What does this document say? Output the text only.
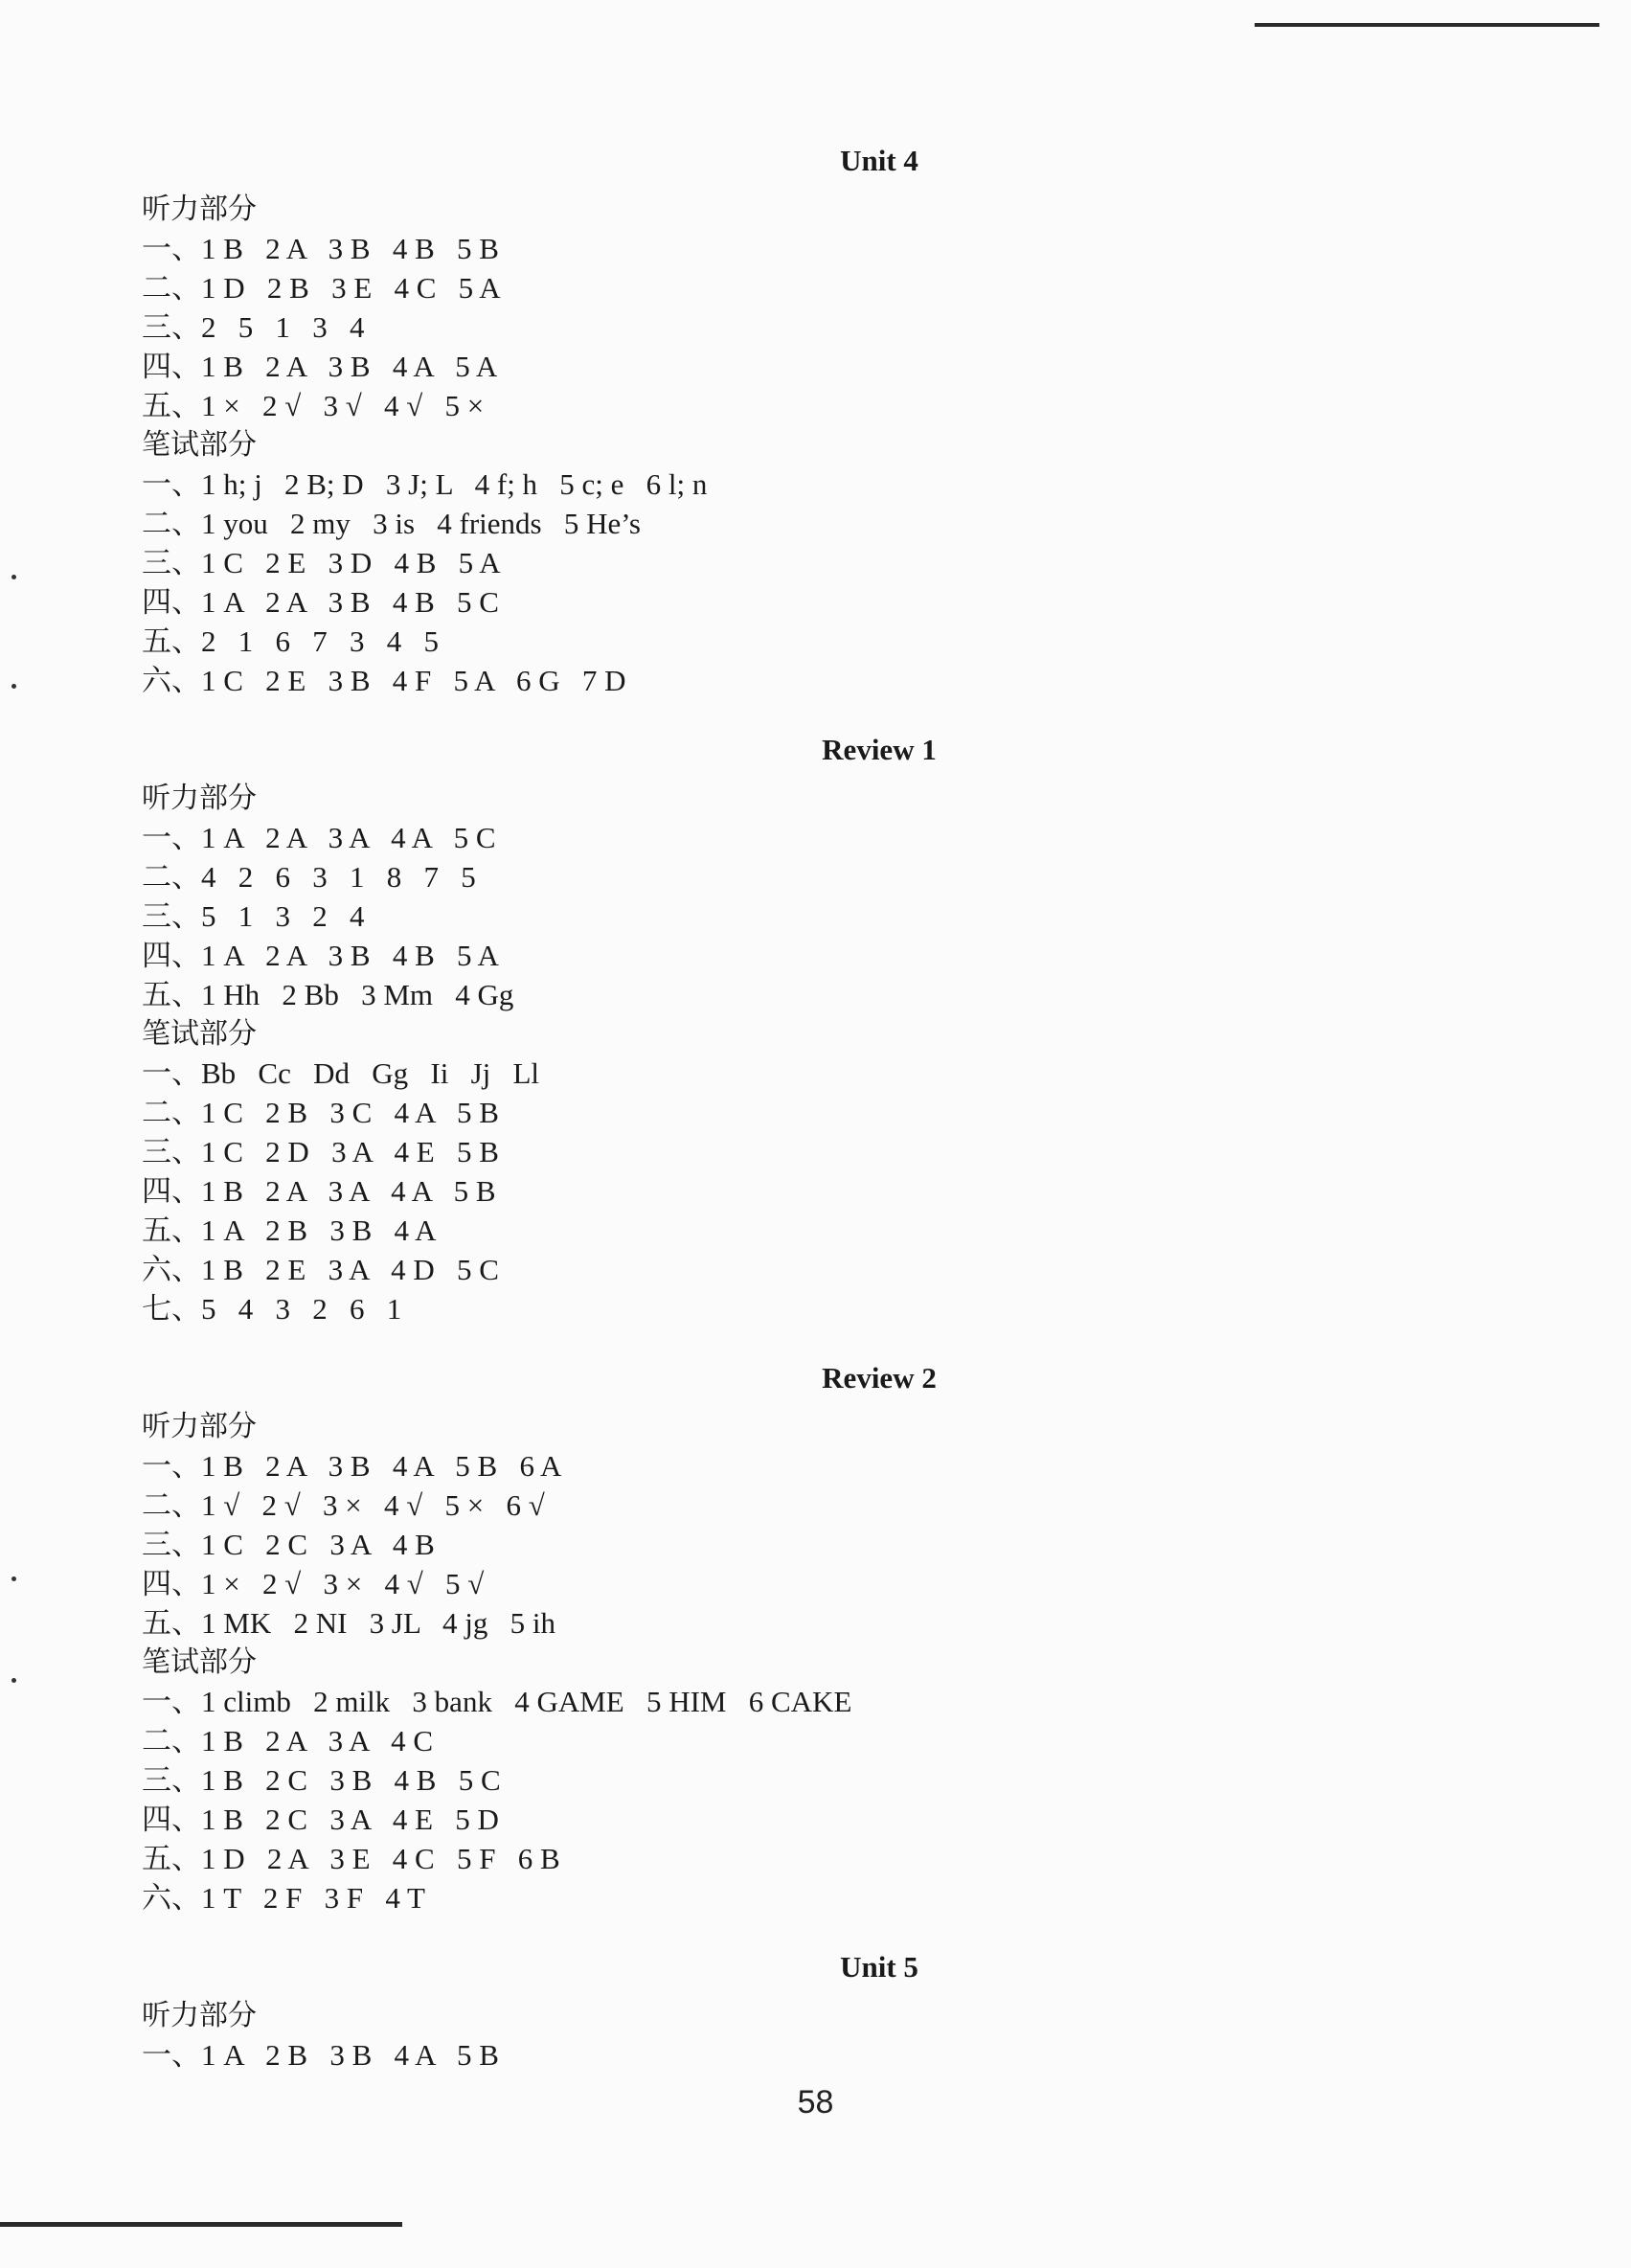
Unit 4
听力部分
一、1 B   2 A   3 B   4 B   5 B
二、1 D   2 B   3 E   4 C   5 A
三、2   5   1   3   4
四、1 B   2 A   3 B   4 A   5 A
五、1 ×   2 √   3 √   4 √   5 ×
笔试部分
一、1 h; j   2 B; D   3 J; L   4 f; h   5 c; e   6 l; n
二、1 you   2 my   3 is   4 friends   5 He’s
三、1 C   2 E   3 D   4 B   5 A
四、1 A   2 A   3 B   4 B   5 C
五、2   1   6   7   3   4   5
六、1 C   2 E   3 B   4 F   5 A   6 G   7 D
Review 1
听力部分
一、1 A   2 A   3 A   4 A   5 C
二、4   2   6   3   1   8   7   5
三、5   1   3   2   4
四、1 A   2 A   3 B   4 B   5 A
五、1 Hh   2 Bb   3 Mm   4 Gg
笔试部分
一、Bb   Cc   Dd   Gg   Ii   Jj   Ll
二、1 C   2 B   3 C   4 A   5 B
三、1 C   2 D   3 A   4 E   5 B
四、1 B   2 A   3 A   4 A   5 B
五、1 A   2 B   3 B   4 A
六、1 B   2 E   3 A   4 D   5 C
七、5   4   3   2   6   1
Review 2
听力部分
一、1 B   2 A   3 B   4 A   5 B   6 A
二、1 √   2 √   3 ×   4 √   5 ×   6 √
三、1 C   2 C   3 A   4 B
四、1 ×   2 √   3 ×   4 √   5 √
五、1 MK   2 NI   3 JL   4 jg   5 ih
笔试部分
一、1 climb   2 milk   3 bank   4 GAME   5 HIM   6 CAKE
二、1 B   2 A   3 A   4 C
三、1 B   2 C   3 B   4 B   5 C
四、1 B   2 C   3 A   4 E   5 D
五、1 D   2 A   3 E   4 C   5 F   6 B
六、1 T   2 F   3 F   4 T
Unit 5
听力部分
一、1 A   2 B   3 B   4 A   5 B
58
